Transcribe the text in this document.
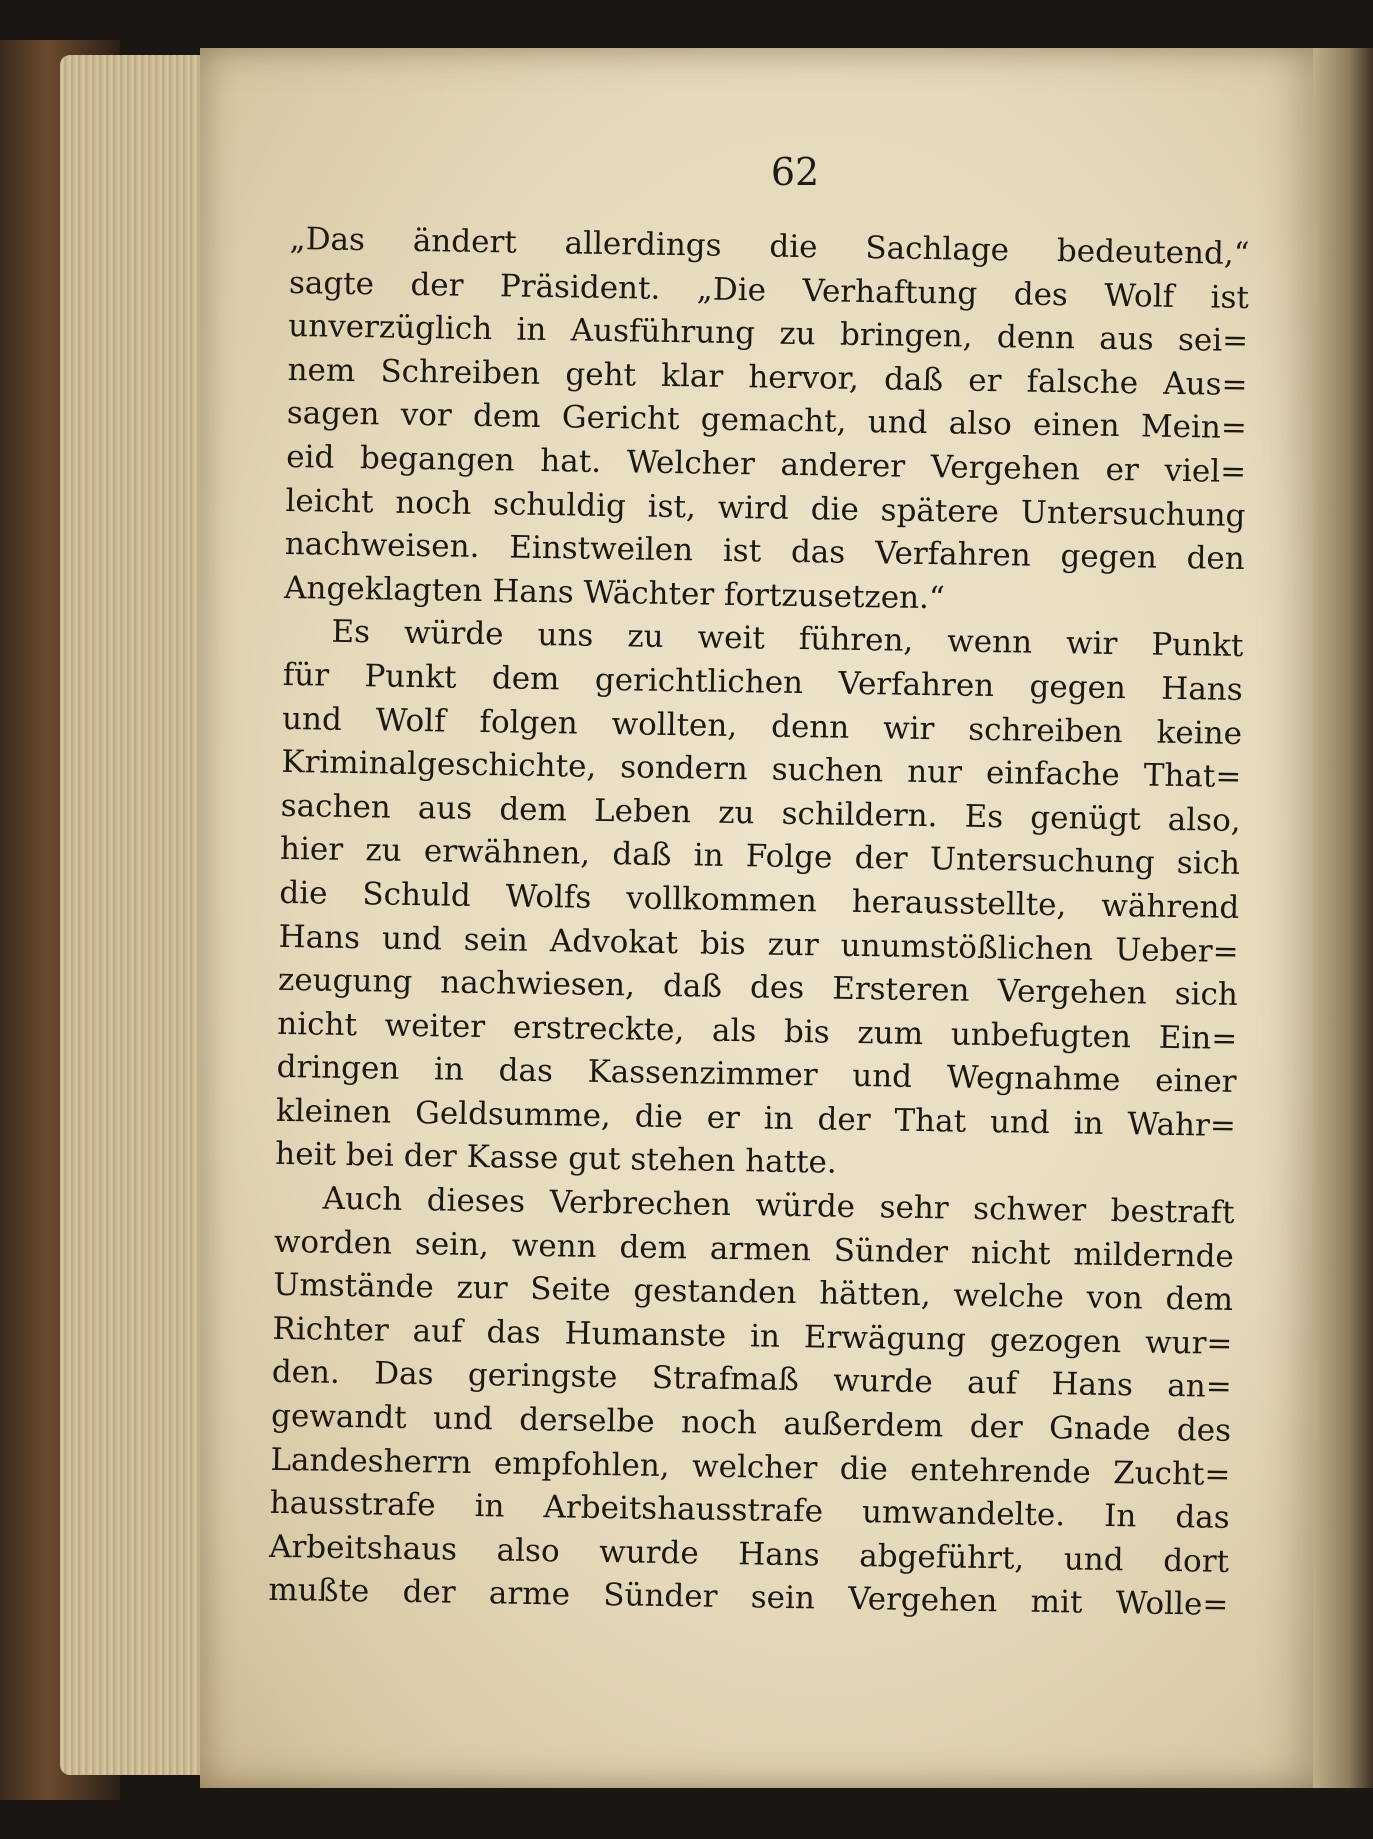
62
„Das ändert allerdings die Sachlage bedeutend,“
sagte der Präsident. „Die Verhaftung des Wolf ist
unverzüglich in Ausführung zu bringen, denn aus sei=
nem Schreiben geht klar hervor, daß er falsche Aus=
sagen vor dem Gericht gemacht, und also einen Mein=
eid begangen hat. Welcher anderer Vergehen er viel=
leicht noch schuldig ist, wird die spätere Untersuchung
nachweisen. Einstweilen ist das Verfahren gegen den
Angeklagten Hans Wächter fortzusetzen.“
Es würde uns zu weit führen, wenn wir Punkt
für Punkt dem gerichtlichen Verfahren gegen Hans
und Wolf folgen wollten, denn wir schreiben keine
Kriminalgeschichte, sondern suchen nur einfache That=
sachen aus dem Leben zu schildern. Es genügt also,
hier zu erwähnen, daß in Folge der Untersuchung sich
die Schuld Wolfs vollkommen herausstellte, während
Hans und sein Advokat bis zur unumstößlichen Ueber=
zeugung nachwiesen, daß des Ersteren Vergehen sich
nicht weiter erstreckte, als bis zum unbefugten Ein=
dringen in das Kassenzimmer und Wegnahme einer
kleinen Geldsumme, die er in der That und in Wahr=
heit bei der Kasse gut stehen hatte.
Auch dieses Verbrechen würde sehr schwer bestraft
worden sein, wenn dem armen Sünder nicht mildernde
Umstände zur Seite gestanden hätten, welche von dem
Richter auf das Humanste in Erwägung gezogen wur=
den. Das geringste Strafmaß wurde auf Hans an=
gewandt und derselbe noch außerdem der Gnade des
Landesherrn empfohlen, welcher die entehrende Zucht=
hausstrafe in Arbeitshausstrafe umwandelte. In das
Arbeitshaus also wurde Hans abgeführt, und dort
mußte der arme Sünder sein Vergehen mit Wolle=
